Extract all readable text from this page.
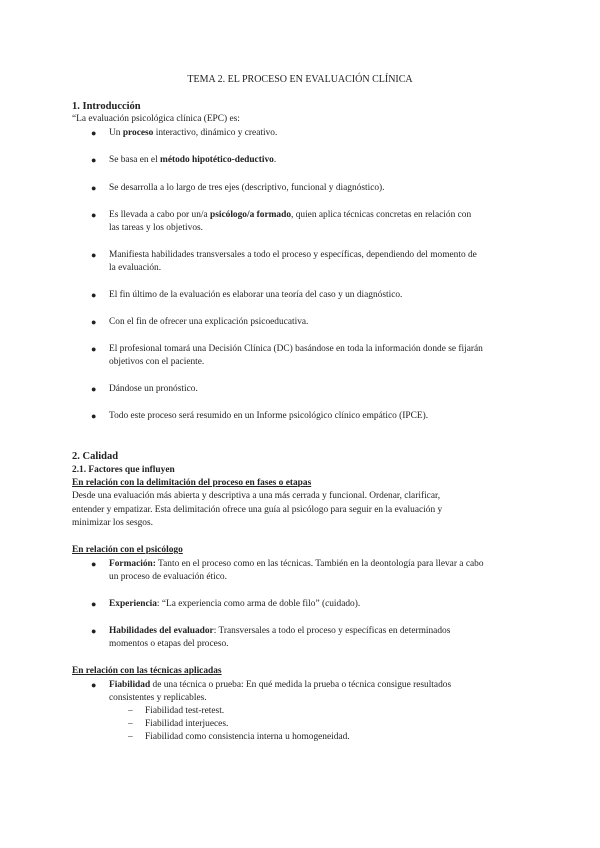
TEMA 2. EL PROCESO EN EVALUACIÓN CLÍNICA
1. Introducción
“La evaluación psicológica clínica (EPC) es:
● Un proceso interactivo, dinámico y creativo.
● Se basa en el método hipotético-deductivo.
● Se desarrolla a lo largo de tres ejes (descriptivo, funcional y diagnóstico).
● Es llevada a cabo por un/a psicólogo/a formado, quien aplica técnicas concretas en relación con
las tareas y los objetivos.
● Manifiesta habilidades transversales a todo el proceso y específicas, dependiendo del momento de
la evaluación.
● El fin último de la evaluación es elaborar una teoría del caso y un diagnóstico.
● Con el fin de ofrecer una explicación psicoeducativa.
● El profesional tomará una Decisión Clínica (DC) basándose en toda la información donde se fijarán
objetivos con el paciente.
● Dándose un pronóstico.
● Todo este proceso será resumido en un Informe psicológico clínico empático (IPCE).
2. Calidad
2.1. Factores que influyen
En relación con la delimitación del proceso en fases o etapas
Desde una evaluación más abierta y descriptiva a una más cerrada y funcional. Ordenar, clarificar,
entender y empatizar. Esta delimitación ofrece una guía al psicólogo para seguir en la evaluación y
minimizar los sesgos.
En relación con el psicólogo
● Formación: Tanto en el proceso como en las técnicas. También en la deontología para llevar a cabo
un proceso de evaluación ético.
● Experiencia: “La experiencia como arma de doble filo” (cuidado).
● Habilidades del evaluador: Transversales a todo el proceso y específicas en determinados
momentos o etapas del proceso.
En relación con las técnicas aplicadas
● Fiabilidad de una técnica o prueba: En qué medida la prueba o técnica consigue resultados
consistentes y replicables.
– Fiabilidad test-retest.
– Fiabilidad interjueces.
– Fiabilidad como consistencia interna u homogeneidad.
